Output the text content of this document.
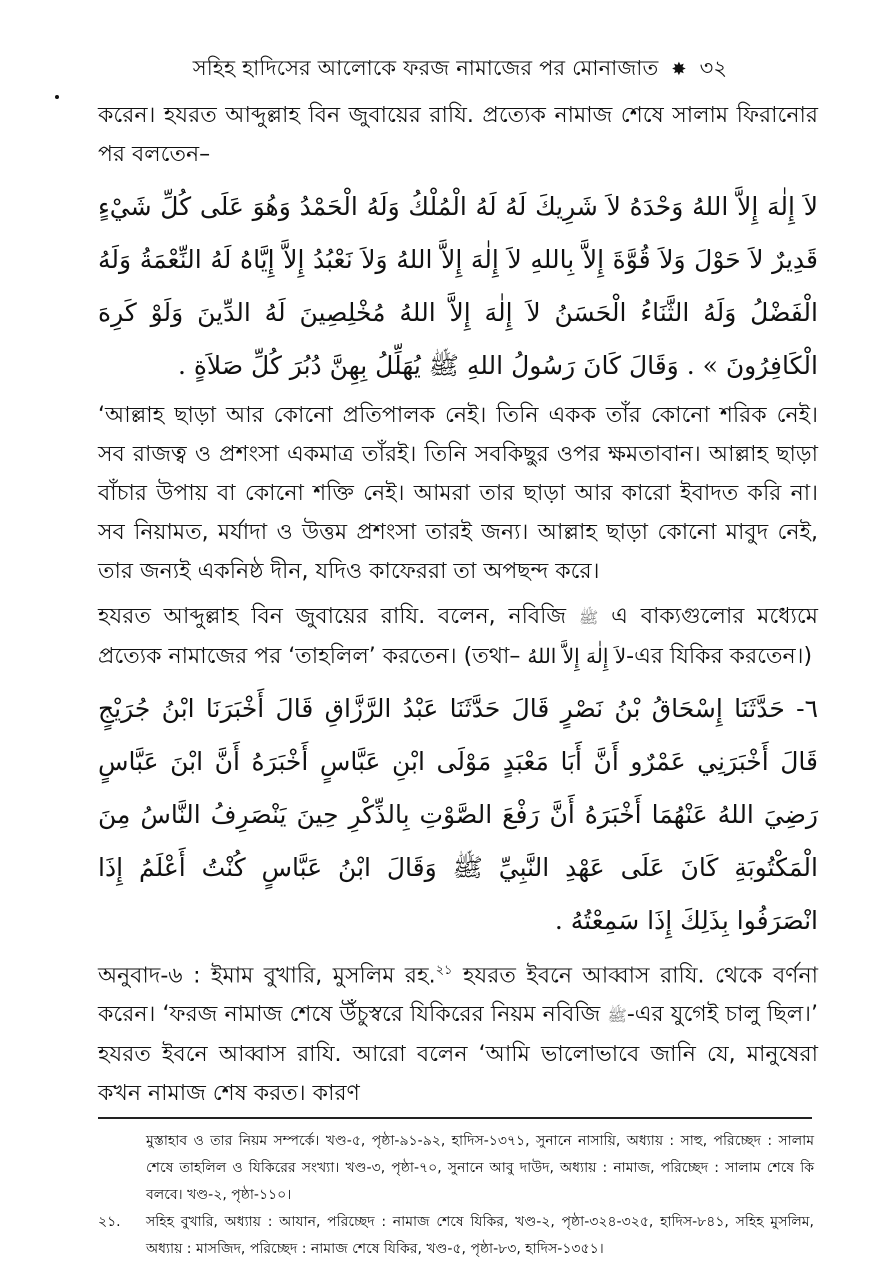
সহিহ হাদিসের আলোকে ফরজ নামাজের পর মোনাজাত ✸ ৩২

করেন। হযরত আব্দুল্লাহ বিন জুবায়ের রাযি. প্রত্যেক নামাজ শেষে সালাম ফিরানোর পর বলতেন–

لاَ إِلٰهَ إِلاَّ اللهُ وَحْدَهُ لاَ شَرِيكَ لَهُ لَهُ الْمُلْكُ وَلَهُ الْحَمْدُ وَهُوَ عَلَى كُلِّ شَيْءٍ قَدِيرٌ لاَ حَوْلَ وَلاَ قُوَّةَ إِلاَّ بِاللهِ لاَ إِلٰهَ إِلاَّ اللهُ وَلاَ نَعْبُدُ إِلاَّ إِيَّاهُ لَهُ النِّعْمَةُ وَلَهُ الْفَضْلُ وَلَهُ الثَّنَاءُ الْحَسَنُ لاَ إِلٰهَ إِلاَّ اللهُ مُخْلِصِينَ لَهُ الدِّينَ وَلَوْ كَرِهَ الْكَافِرُونَ » . وَقَالَ كَانَ رَسُولُ اللهِ ﷺ يُهَلِّلُ بِهِنَّ دُبُرَ كُلِّ صَلاَةٍ .

‘আল্লাহ ছাড়া আর কোনো প্রতিপালক নেই। তিনি একক তাঁর কোনো শরিক নেই। সব রাজত্ব ও প্রশংসা একমাত্র তাঁরই। তিনি সবকিছুর ওপর ক্ষমতাবান। আল্লাহ ছাড়া বাঁচার উপায় বা কোনো শক্তি নেই। আমরা তার ছাড়া আর কারো ইবাদত করি না। সব নিয়ামত, মর্যাদা ও উত্তম প্রশংসা তারই জন্য। আল্লাহ ছাড়া কোনো মাবুদ নেই, তার জন্যই একনিষ্ঠ দীন, যদিও কাফেররা তা অপছন্দ করে।

হযরত আব্দুল্লাহ বিন জুবায়ের রাযি. বলেন, নবিজি ﷺ এ বাক্যগুলোর মধ্যেমে প্রত্যেক নামাজের পর ‘তাহলিল’ করতেন। (তথা– لاَ إِلٰهَ إِلاَّ اللهُ-এর যিকির করতেন।)

٦- حَدَّثَنَا إِسْحَاقُ بْنُ نَصْرٍ قَالَ حَدَّثَنَا عَبْدُ الرَّزَّاقِ قَالَ أَخْبَرَنَا ابْنُ جُرَيْجٍ قَالَ أَخْبَرَنِي عَمْرٌو أَنَّ أَبَا مَعْبَدٍ مَوْلَى ابْنِ عَبَّاسٍ أَخْبَرَهُ أَنَّ ابْنَ عَبَّاسٍ رَضِيَ اللهُ عَنْهُمَا أَخْبَرَهُ أَنَّ رَفْعَ الصَّوْتِ بِالذِّكْرِ حِينَ يَنْصَرِفُ النَّاسُ مِنَ الْمَكْتُوبَةِ كَانَ عَلَى عَهْدِ النَّبِيِّ ﷺ وَقَالَ ابْنُ عَبَّاسٍ كُنْتُ أَعْلَمُ إِذَا انْصَرَفُوا بِذَلِكَ إِذَا سَمِعْتُهُ .

অনুবাদ-৬ : ইমাম বুখারি, মুসলিম রহ.$^{২১}$ হযরত ইবনে আব্বাস রাযি. থেকে বর্ণনা করেন। ‘ফরজ নামাজ শেষে উঁচুস্বরে যিকিরের নিয়ম নবিজি ﷺ-এর যুগেই চালু ছিল।’ হযরত ইবনে আব্বাস রাযি. আরো বলেন ‘আমি ভালোভাবে জানি যে, মানুষেরা কখন নামাজ শেষ করত। কারণ

মুস্তাহাব ও তার নিয়ম সম্পর্কে। খণ্ড-৫, পৃষ্ঠা-৯১-৯২, হাদিস-১৩৭১, সুনানে নাসায়ি, অধ্যায় : সাহু, পরিচ্ছেদ : সালাম শেষে তাহলিল ও যিকিরের সংখ্যা। খণ্ড-৩, পৃষ্ঠা-৭০, সুনানে আবু দাউদ, অধ্যায় : নামাজ, পরিচ্ছেদ : সালাম শেষে কি বলবে। খণ্ড-২, পৃষ্ঠা-১১০।

২১.	সহিহ বুখারি, অধ্যায় : আযান, পরিচ্ছেদ : নামাজ শেষে যিকির, খণ্ড-২, পৃষ্ঠা-৩২৪-৩২৫, হাদিস-৮৪১, সহিহ মুসলিম, অধ্যায় : মাসজিদ, পরিচ্ছেদ : নামাজ শেষে যিকির, খণ্ড-৫, পৃষ্ঠা-৮৩, হাদিস-১৩৫১।
